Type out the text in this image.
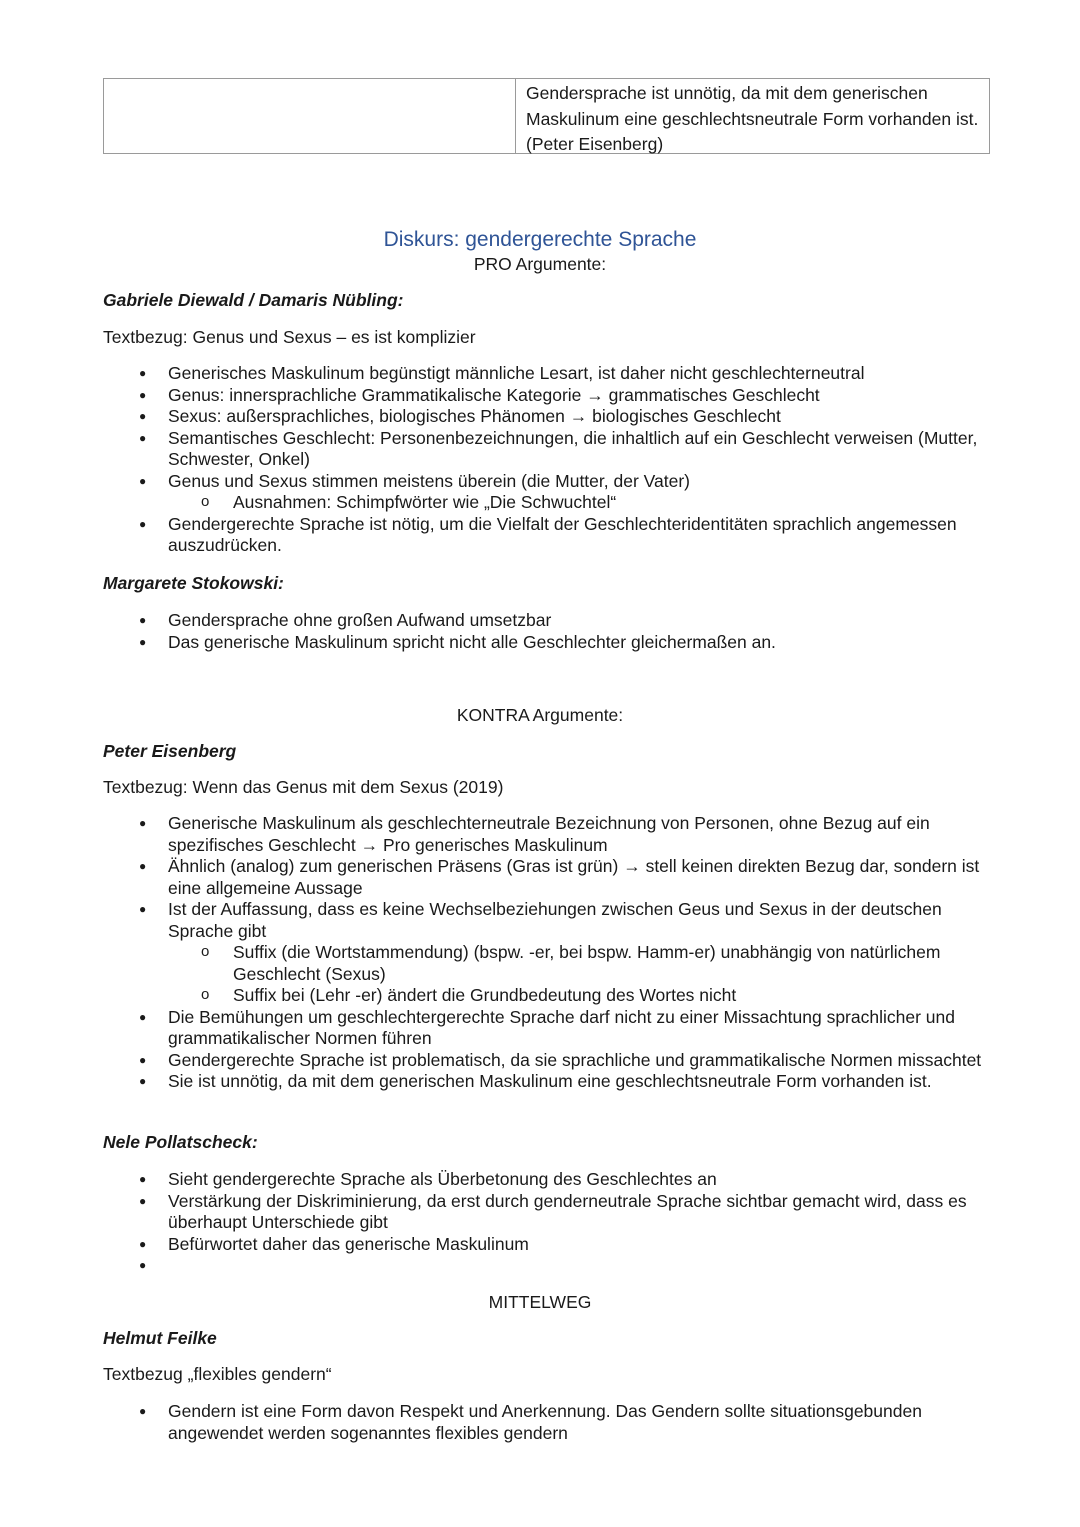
Gendersprache ist unnötig, da mit dem generischen Maskulinum eine geschlechtsneutrale Form vorhanden ist. (Peter Eisenberg)
Diskurs: gendergerechte Sprache
PRO Argumente:
Gabriele Diewald / Damaris Nübling:
Textbezug: Genus und Sexus – es ist komplizier
● Generisches Maskulinum begünstigt männliche Lesart, ist daher nicht geschlechterneutral
● Genus: innersprachliche Grammatikalische Kategorie → grammatisches Geschlecht
● Sexus: außersprachliches, biologisches Phänomen → biologisches Geschlecht
● Semantisches Geschlecht: Personenbezeichnungen, die inhaltlich auf ein Geschlecht verweisen (Mutter, Schwester, Onkel)
● Genus und Sexus stimmen meistens überein (die Mutter, der Vater)
o Ausnahmen: Schimpfwörter wie „Die Schwuchtel“
● Gendergerechte Sprache ist nötig, um die Vielfalt der Geschlechteridentitäten sprachlich angemessen auszudrücken.
Margarete Stokowski:
● Gendersprache ohne großen Aufwand umsetzbar
● Das generische Maskulinum spricht nicht alle Geschlechter gleichermaßen an.
KONTRA Argumente:
Peter Eisenberg
Textbezug: Wenn das Genus mit dem Sexus (2019)
● Generische Maskulinum als geschlechterneutrale Bezeichnung von Personen, ohne Bezug auf ein spezifisches Geschlecht → Pro generisches Maskulinum
● Ähnlich (analog) zum generischen Präsens (Gras ist grün) → stell keinen direkten Bezug dar, sondern ist eine allgemeine Aussage
● Ist der Auffassung, dass es keine Wechselbeziehungen zwischen Geus und Sexus in der deutschen Sprache gibt
o Suffix (die Wortstammendung) (bspw. -er, bei bspw. Hamm-er) unabhängig von natürlichem Geschlecht (Sexus)
o Suffix bei (Lehr -er) ändert die Grundbedeutung des Wortes nicht
● Die Bemühungen um geschlechtergerechte Sprache darf nicht zu einer Missachtung sprachlicher und grammatikalischer Normen führen
● Gendergerechte Sprache ist problematisch, da sie sprachliche und grammatikalische Normen missachtet
● Sie ist unnötig, da mit dem generischen Maskulinum eine geschlechtsneutrale Form vorhanden ist.
Nele Pollatscheck:
● Sieht gendergerechte Sprache als Überbetonung des Geschlechtes an
● Verstärkung der Diskriminierung, da erst durch genderneutrale Sprache sichtbar gemacht wird, dass es überhaupt Unterschiede gibt
● Befürwortet daher das generische Maskulinum
●
MITTELWEG
Helmut Feilke
Textbezug „flexibles gendern“
● Gendern ist eine Form davon Respekt und Anerkennung. Das Gendern sollte situationsgebunden angewendet werden sogenanntes flexibles gendern
